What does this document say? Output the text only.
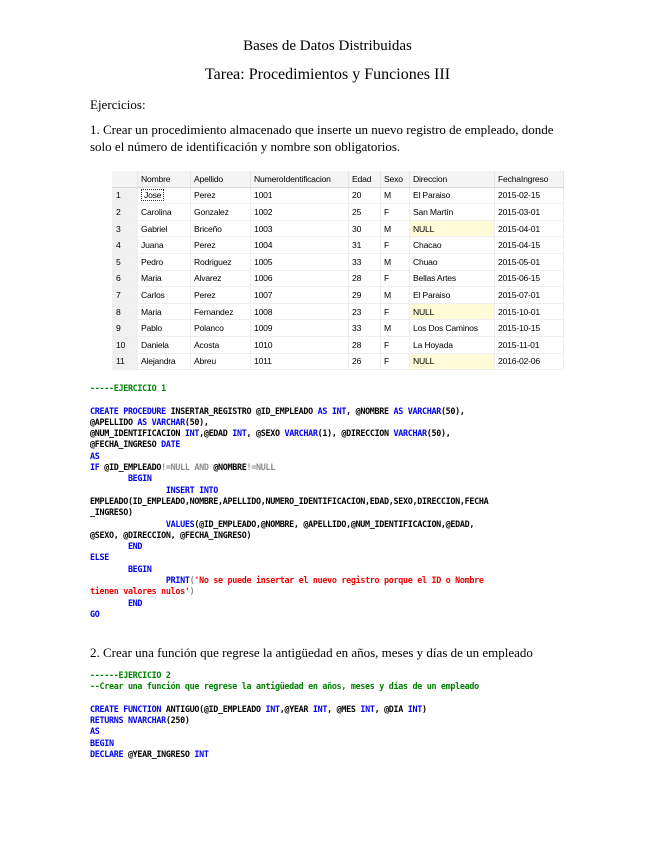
Bases de Datos Distribuidas
Tarea: Procedimientos y Funciones III
Ejercicios:
1. Crear un procedimiento almacenado que inserte un nuevo registro de empleado, donde solo el número de identificación y nombre son obligatorios.
	Nombre	Apellido	NumeroIdentificacion	Edad	Sexo	Direccion	FechaIngreso
1	Jose	Perez	1001	20	M	El Paraiso	2015-02-15
2	Carolina	Gonzalez	1002	25	F	San Martín	2015-03-01
3	Gabriel	Briceño	1003	30	M	NULL	2015-04-01
4	Juana	Perez	1004	31	F	Chacao	2015-04-15
5	Pedro	Rodriguez	1005	33	M	Chuao	2015-05-01
6	Maria	Alvarez	1006	28	F	Bellas Artes	2015-06-15
7	Carlos	Perez	1007	29	M	El Paraiso	2015-07-01
8	Maria	Fernandez	1008	23	F	NULL	2015-10-01
9	Pablo	Polanco	1009	33	M	Los Dos Caminos	2015-10-15
10	Daniela	Acosta	1010	28	F	La Hoyada	2015-11-01
11	Alejandra	Abreu	1011	26	F	NULL	2016-02-06
-----EJERCICIO 1
CREATE PROCEDURE INSERTAR_REGISTRO @ID_EMPLEADO AS INT, @NOMBRE AS VARCHAR(50),
@APELLIDO AS VARCHAR(50),
@NUM_IDENTIFICACION INT,@EDAD INT, @SEXO VARCHAR(1), @DIRECCION VARCHAR(50),
@FECHA_INGRESO DATE
AS
IF @ID_EMPLEADO!=NULL AND @NOMBRE!=NULL
BEGIN
INSERT INTO
EMPLEADO(ID_EMPLEADO,NOMBRE,APELLIDO,NUMERO_IDENTIFICACION,EDAD,SEXO,DIRECCION,FECHA
_INGRESO)
VALUES(@ID_EMPLEADO,@NOMBRE, @APELLIDO,@NUM_IDENTIFICACION,@EDAD,
@SEXO, @DIRECCION, @FECHA_INGRESO)
END
ELSE
BEGIN
PRINT('No se puede insertar el nuevo registro porque el ID o Nombre
tienen valores nulos')
END
GO
2. Crear una función que regrese la antigüedad en años, meses y días de un empleado
------EJERCICIO 2
--Crear una función que regrese la antigüedad en años, meses y días de un empleado
CREATE FUNCTION ANTIGUO(@ID_EMPLEADO INT,@YEAR INT, @MES INT, @DIA INT)
RETURNS NVARCHAR(250)
AS
BEGIN
DECLARE @YEAR_INGRESO INT
